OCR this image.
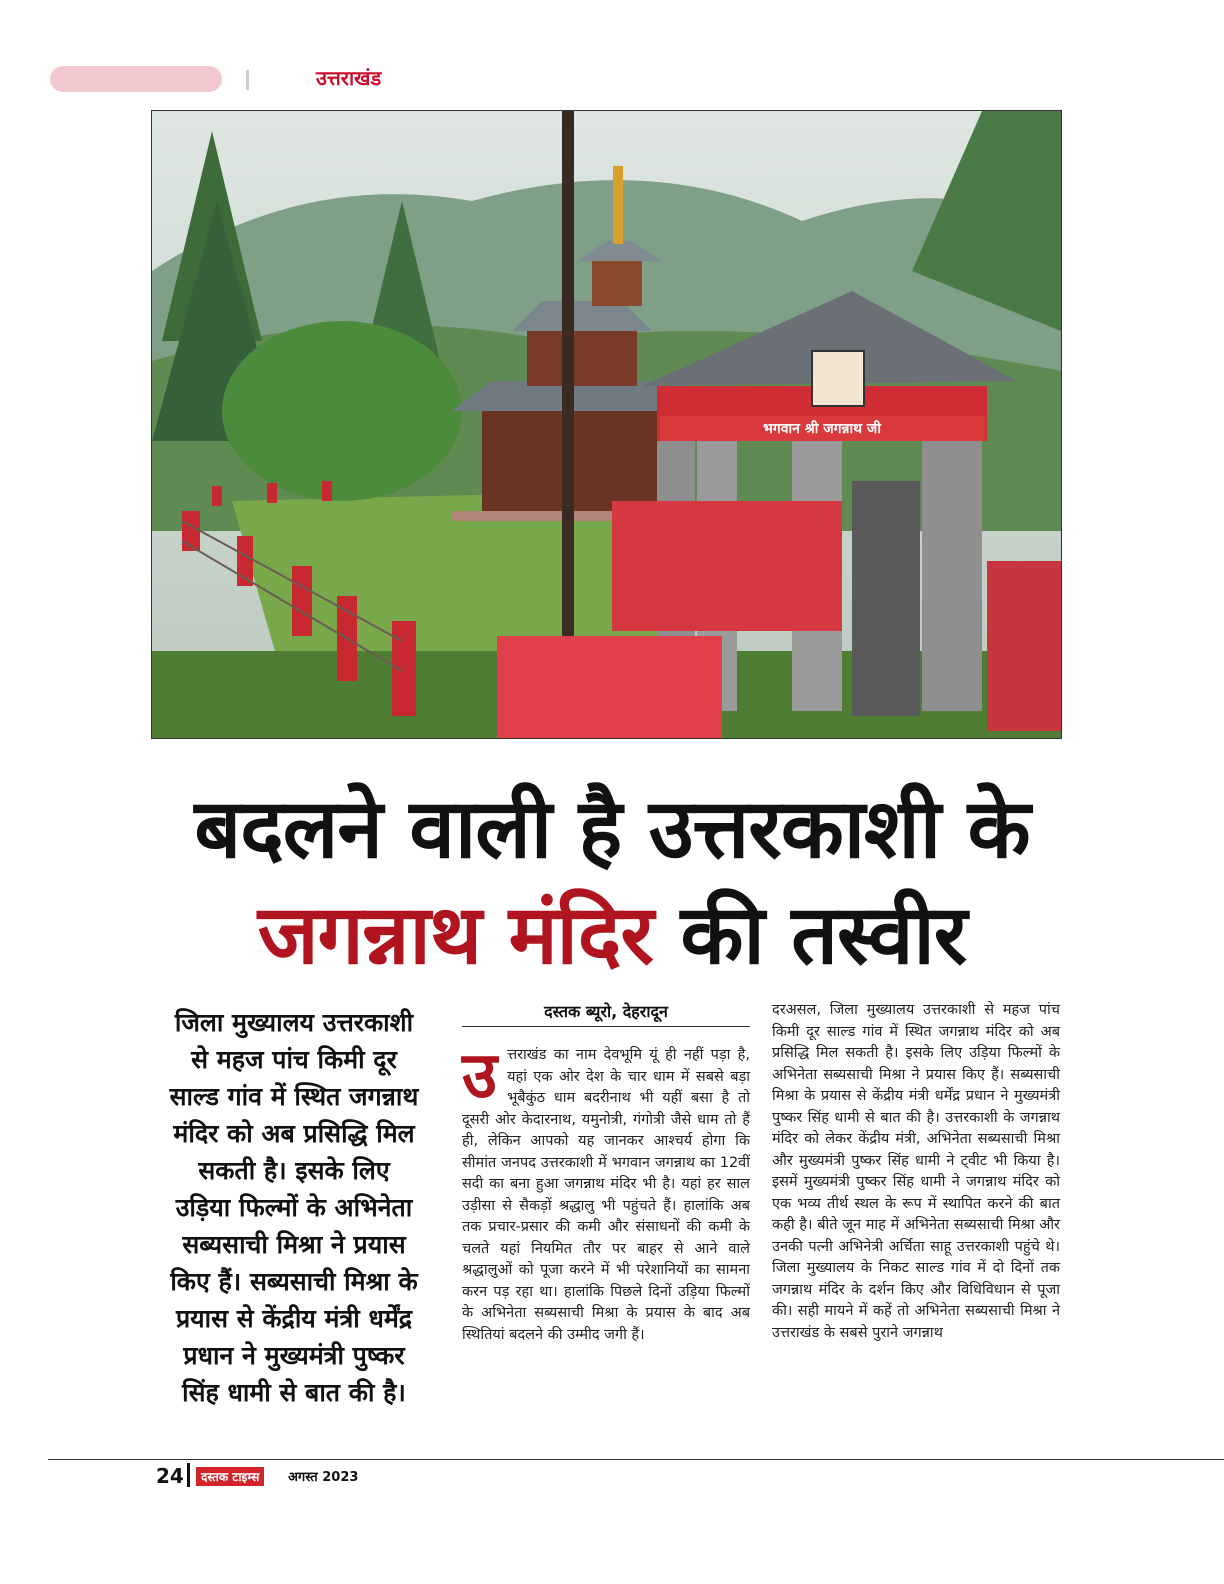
उत्तराखंड
भगवान श्री जगन्नाथ जी
बदलने वाली है उत्तरकाशी के
जगन्नाथ मंदिर की तस्वीर
जिला मुख्यालय उत्तरकाशी से महज पांच किमी दूर साल्ड गांव में स्थित जगन्नाथ मंदिर को अब प्रसिद्धि मिल सकती है। इसके लिए उड़िया फिल्मों के अभिनेता सब्यसाची मिश्रा ने प्रयास किए हैं। सब्यसाची मिश्रा के प्रयास से केंद्रीय मंत्री धर्मेंद्र प्रधान ने मुख्यमंत्री पुष्कर सिंह धामी से बात की है।
दस्तक ब्यूरो, देहरादून
उत्तराखंड का नाम देवभूमि यूं ही नहीं पड़ा है, यहां एक ओर देश के चार धाम में सबसे बड़ा भूबैकुंठ धाम बदरीनाथ भी यहीं बसा है तो दूसरी ओर केदारनाथ, यमुनोत्री, गंगोत्री जैसे धाम तो हैं ही, लेकिन आपको यह जानकर आश्चर्य होगा कि सीमांत जनपद उत्तरकाशी में भगवान जगन्नाथ का 12वीं सदी का बना हुआ जगन्नाथ मंदिर भी है। यहां हर साल उड़ीसा से सैकड़ों श्रद्धालु भी पहुंचते हैं। हालांकि अब तक प्रचार-प्रसार की कमी और संसाधनों की कमी के चलते यहां नियमित तौर पर बाहर से आने वाले श्रद्धालुओं को पूजा करने में भी परेशानियों का सामना करन पड़ रहा था। हालांकि पिछले दिनों उड़िया फिल्मों के अभिनेता सब्यसाची मिश्रा के प्रयास के बाद अब स्थितियां बदलने की उम्मीद जगी हैं।
दरअसल, जिला मुख्यालय उत्तरकाशी से महज पांच किमी दूर साल्ड गांव में स्थित जगन्नाथ मंदिर को अब प्रसिद्धि मिल सकती है। इसके लिए उड़िया फिल्मों के अभिनेता सब्यसाची मिश्रा ने प्रयास किए हैं। सब्यसाची मिश्रा के प्रयास से केंद्रीय मंत्री धर्मेंद्र प्रधान ने मुख्यमंत्री पुष्कर सिंह धामी से बात की है। उत्तरकाशी के जगन्नाथ मंदिर को लेकर केंद्रीय मंत्री, अभिनेता सब्यसाची मिश्रा और मुख्यमंत्री पुष्कर सिंह धामी ने ट्वीट भी किया है। इसमें मुख्यमंत्री पुष्कर सिंह धामी ने जगन्नाथ मंदिर को एक भव्य तीर्थ स्थल के रूप में स्थापित करने की बात कही है। बीते जून माह में अभिनेता सब्यसाची मिश्रा और उनकी पत्नी अभिनेत्री अर्चिता साहू उत्तरकाशी पहुंचे थे। जिला मुख्यालय के निकट साल्ड गांव में दो दिनों तक जगन्नाथ मंदिर के दर्शन किए और विधिविधान से पूजा की। सही मायने में कहें तो अभिनेता सब्यसाची मिश्रा ने उत्तराखंड के सबसे पुराने जगन्नाथ
24	दस्तक टाइम्स	अगस्त 2023
